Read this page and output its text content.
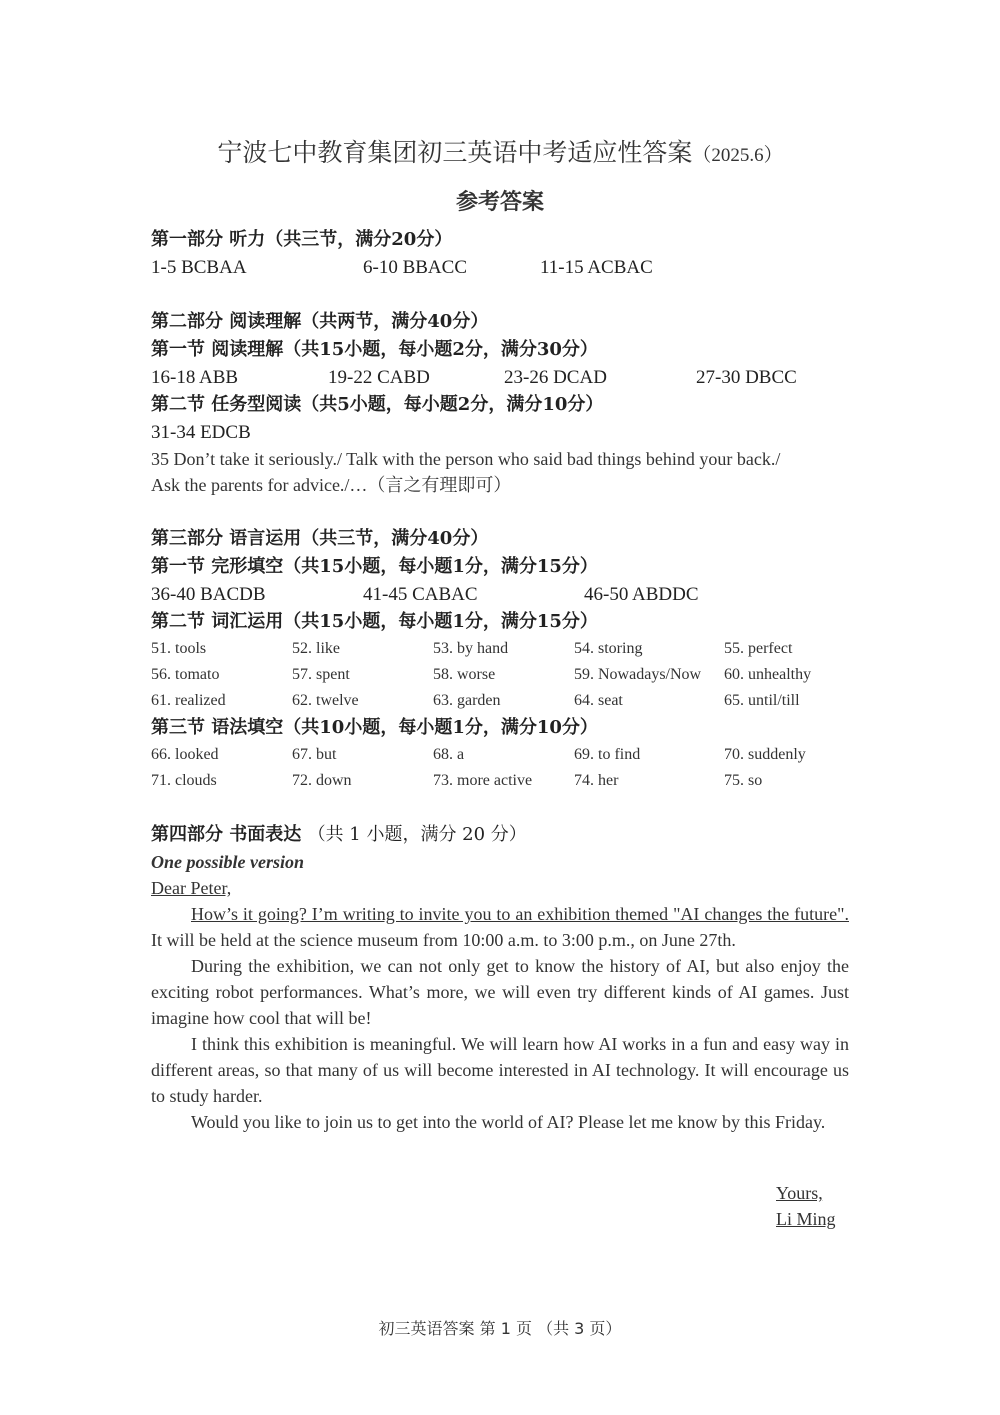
宁波七中教育集团初三英语中考适应性答案（2025.6）
参考答案
第一部分 听力（共三节，满分20分）
1-5 BCBAA	6-10 BBACC	11-15 ACBAC
第二部分 阅读理解（共两节，满分40分）
第一节 阅读理解（共15小题，每小题2分，满分30分）
16-18 ABB	19-22 CABD	23-26 DCAD	27-30 DBCC
第二节 任务型阅读（共5小题，每小题2分，满分10分）
31-34 EDCB
35 Don’t take it seriously./ Talk with the person who said bad things behind your back./ Ask the parents for advice./…（言之有理即可）
第三部分 语言运用（共三节，满分40分）
第一节 完形填空（共15小题，每小题1分，满分15分）
36-40 BACDB	41-45 CABAC	46-50 ABDDC
第二节 词汇运用（共15小题，每小题1分，满分15分）
51. tools	52. like	53. by hand	54. storing	55. perfect
56. tomato	57. spent	58. worse	59. Nowadays/Now 60. unhealthy
61. realized	62. twelve	63. garden	64. seat	65. until/till
第三节 语法填空（共10小题，每小题1分，满分10分）
66. looked	67. but	68. a	69. to find	70. suddenly
71. clouds	72. down	73. more active	74. her	75. so
第四部分 书面表达 （共 1 小题，满分 20 分）
One possible version
Dear Peter,

How’s it going? I’m writing to invite you to an exhibition themed "AI changes the future". It will be held at the science museum from 10:00 a.m. to 3:00 p.m., on June 27th.

During the exhibition, we can not only get to know the history of AI, but also enjoy the exciting robot performances. What’s more, we will even try different kinds of AI games. Just imagine how cool that will be!

I think this exhibition is meaningful. We will learn how AI works in a fun and easy way in different areas, so that many of us will become interested in AI technology. It will encourage us to study harder.

Would you like to join us to get into the world of AI? Please let me know by this Friday.

Yours,
Li Ming
初三英语答案 第 1 页 （共 3 页）
